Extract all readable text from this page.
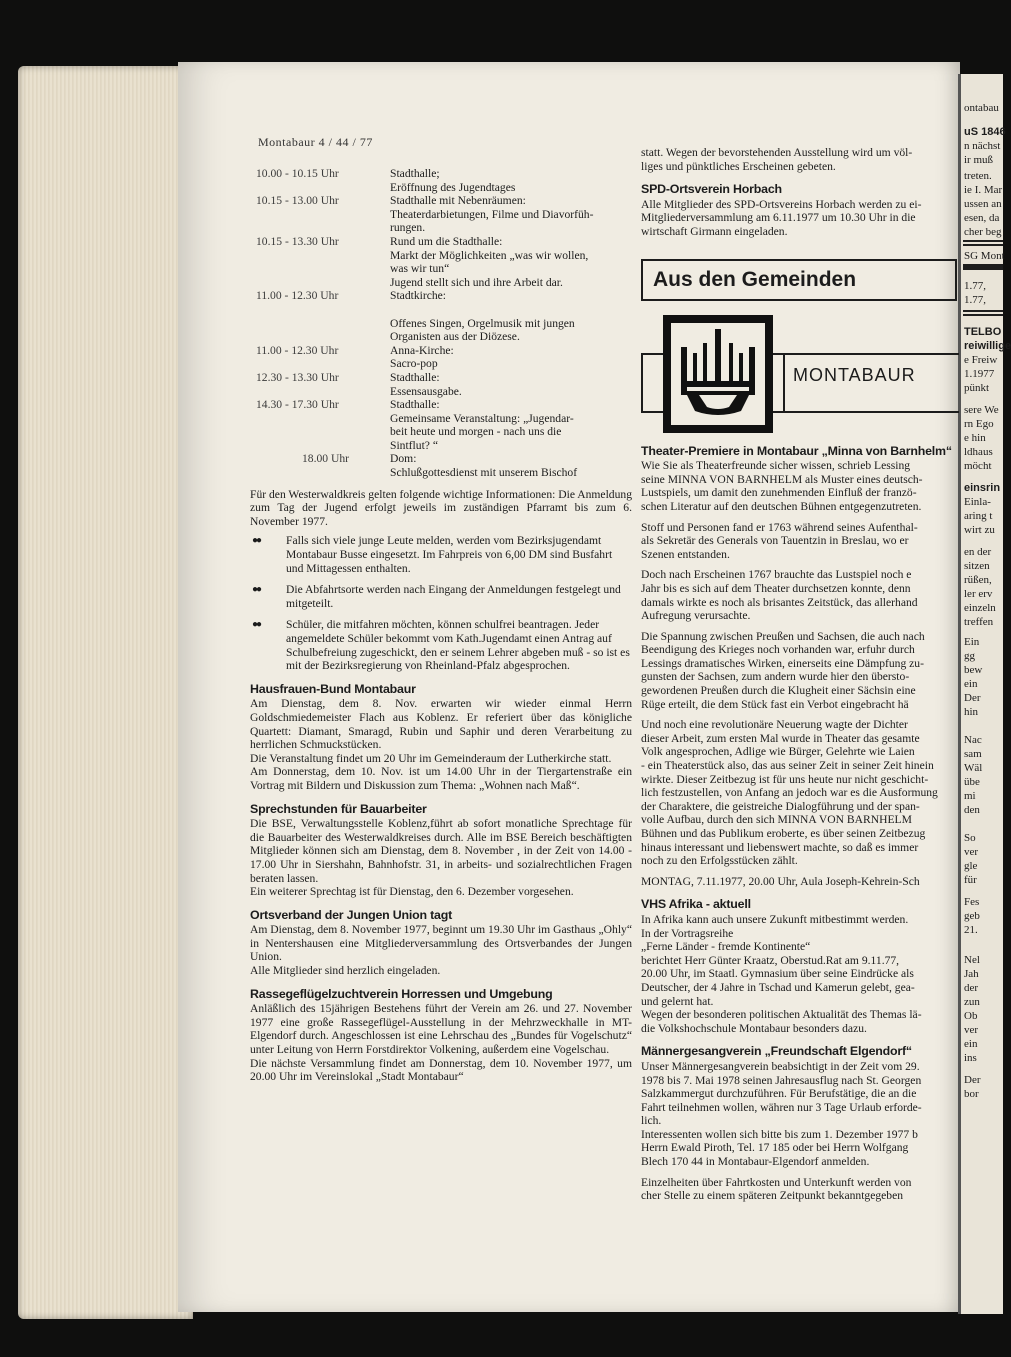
ontabau
uS 1846
n nächst
ir muß
treten.
ie I. Mar
ussen an
esen, da
cher beg
SG Mont
1.77,
1.77,
TELBO
reiwillige
e Freiw
1.1977
pünkt
sere We
rn Ego
e hin
ldhaus
möcht
einsrin
Einla-
aring t
wirt zu
en der
sitzen
rüßen,
ler erv
einzeln
treffen
Ein
gg
bew
ein
Der
hin
Nac
sam
Wäl
übe
mi
den
So
ver
gle
für
Fes
geb
21.
Nel
Jah
der
zun
Ob
ver
ein
ins
Der
bor
Montabaur 4 / 44 / 77
10.00 - 10.15 Uhr	Stadthalle;
Eröffnung des Jugendtages
10.15 - 13.00 Uhr	Stadthalle mit Nebenräumen:
Theaterdarbietungen, Filme und Diavorfüh-
rungen.
10.15 - 13.30 Uhr	Rund um die Stadthalle:
Markt der Möglichkeiten „was wir wollen,
was wir tun“
Jugend stellt sich und ihre Arbeit dar.
11.00 - 12.30 Uhr	Stadtkirche:

Offenes Singen, Orgelmusik mit jungen
Organisten aus der Diözese.
11.00 - 12.30 Uhr	Anna-Kirche:
Sacro-pop
12.30 - 13.30 Uhr	Stadthalle:
Essensausgabe.
14.30 - 17.30 Uhr	Stadthalle:
Gemeinsame Veranstaltung: „Jugendar-
beit heute und morgen - nach uns die
Sintflut? “
18.00 Uhr	Dom:
Schlußgottesdienst mit unserem Bischof

Für den Westerwaldkreis gelten folgende wichtige Informationen: Die Anmeldung zum Tag der Jugend erfolgt jeweils im zuständigen Pfarramt bis zum 6. November 1977.

●●	Falls sich viele junge Leute melden, werden vom Bezirksjugendamt Montabaur Busse eingesetzt. Im Fahrpreis von 6,00 DM sind Busfahrt und Mittagessen enthalten.
●●	Die Abfahrtsorte werden nach Eingang der Anmeldungen festgelegt und mitgeteilt.
●●	Schüler, die mitfahren möchten, können schulfrei beantragen. Jeder angemeldete Schüler bekommt vom Kath.Jugendamt einen Antrag auf Schulbefreiung zugeschickt, den er seinem Lehrer abgeben muß - so ist es mit der Bezirksregierung von Rheinland-Pfalz abgesprochen.
Hausfrauen-Bund Montabaur

Am Dienstag, dem 8. Nov. erwarten wir wieder einmal Herrn Goldschmiedemeister Flach aus Koblenz. Er referiert über das königliche Quartett: Diamant, Smaragd, Rubin und Saphir und deren Verarbeitung zu herrlichen Schmuckstücken.

Die Veranstaltung findet um 20 Uhr im Gemeinderaum der Lutherkirche statt.

Am Donnerstag, dem 10. Nov. ist um 14.00 Uhr in der Tiergartenstraße ein Vortrag mit Bildern und Diskussion zum Thema: „Wohnen nach Maß“.

Sprechstunden für Bauarbeiter

Die BSE, Verwaltungsstelle Koblenz,führt ab sofort monatliche Sprechtage für die Bauarbeiter des Westerwaldkreises durch. Alle im BSE Bereich beschäftigten Mitglieder können sich am Dienstag, dem 8. November , in der Zeit von 14.00 - 17.00 Uhr in Siershahn, Bahnhofstr. 31, in arbeits- und sozialrechtlichen Fragen beraten lassen.

Ein weiterer Sprechtag ist für Dienstag, den 6. Dezember vorgesehen.

Ortsverband der Jungen Union tagt

Am Dienstag, dem 8. November 1977, beginnt um 19.30 Uhr im Gasthaus „Ohly“ in Nentershausen eine Mitgliederversammlung des Ortsverbandes der Jungen Union.

Alle Mitglieder sind herzlich eingeladen.

Rassegeflügelzuchtverein Horressen und Umgebung

Anläßlich des 15jährigen Bestehens führt der Verein am 26. und 27. November 1977 eine große Rassegeflügel-Ausstellung in der Mehrzweckhalle in MT-Elgendorf durch. Angeschlossen ist eine Lehrschau des „Bundes für Vogelschutz“ unter Leitung von Herrn Forstdirektor Volkening, außerdem eine Vogelschau.

Die nächste Versammlung findet am Donnerstag, dem 10. November 1977, um 20.00 Uhr im Vereinslokal „Stadt Montabaur“

statt. Wegen der bevorstehenden Ausstellung wird um völ-
liges und pünktliches Erscheinen gebeten.
SPD-Ortsverein Horbach
Alle Mitglieder des SPD-Ortsvereins Horbach werden zu ei-
Mitgliederversammlung am 6.11.1977 um 10.30 Uhr in die
wirtschaft Girmann eingeladen.
Aus den Gemeinden
MONTABAUR
Theater-Premiere in Montabaur „Minna von Barnhelm“
Wie Sie als Theaterfreunde sicher wissen, schrieb Lessing
seine MINNA VON BARNHELM als Muster eines deutsch-
Lustspiels, um damit den zunehmenden Einfluß der franzö-
schen Literatur auf den deutschen Bühnen entgegenzutreten.
Stoff und Personen fand er 1763 während seines Aufenthal-
als Sekretär des Generals von Tauentzin in Breslau, wo er
Szenen entstanden.
Doch nach Erscheinen 1767 brauchte das Lustspiel noch e
Jahr bis es sich auf dem Theater durchsetzen konnte, denn
damals wirkte es noch als brisantes Zeitstück, das allerhand
Aufregung verursachte.
Die Spannung zwischen Preußen und Sachsen, die auch nach
Beendigung des Krieges noch vorhanden war, erfuhr durch
Lessings dramatisches Wirken, einerseits eine Dämpfung zu-
gunsten der Sachsen, zum andern wurde hier den übersto-
gewordenen Preußen durch die Klugheit einer Sächsin eine
Rüge erteilt, die dem Stück fast ein Verbot eingebracht hä
Und noch eine revolutionäre Neuerung wagte der Dichter
dieser Arbeit, zum ersten Mal wurde in Theater das gesamte
Volk angesprochen, Adlige wie Bürger, Gelehrte wie Laien
- ein Theaterstück also, das aus seiner Zeit in seiner Zeit hinein
wirkte. Dieser Zeitbezug ist für uns heute nur nicht geschicht-
lich festzustellen, von Anfang an jedoch war es die Ausformung
der Charaktere, die geistreiche Dialogführung und der span-
volle Aufbau, durch den sich MINNA VON BARNHELM
Bühnen und das Publikum eroberte, es über seinen Zeitbezug
hinaus interessant und liebenswert machte, so daß es immer
noch zu den Erfolgsstücken zählt.
MONTAG, 7.11.1977, 20.00 Uhr, Aula Joseph-Kehrein-Sch
VHS Afrika - aktuell
In Afrika kann auch unsere Zukunft mitbestimmt werden.
In der Vortragsreihe
„Ferne Länder - fremde Kontinente“
berichtet Herr Günter Kraatz, Oberstud.Rat am 9.11.77,
20.00 Uhr, im Staatl. Gymnasium über seine Eindrücke als
Deutscher, der 4 Jahre in Tschad und Kamerun gelebt, gea-
und gelernt hat.
Wegen der besonderen politischen Aktualität des Themas lä-
die Volkshochschule Montabaur besonders dazu.
Männergesangverein „Freundschaft Elgendorf“
Unser Männergesangverein beabsichtigt in der Zeit vom 29.
1978 bis 7. Mai 1978 seinen Jahresausflug nach St. Georgen
Salzkammergut durchzuführen. Für Berufstätige, die an die
Fahrt teilnehmen wollen, währen nur 3 Tage Urlaub erforde-
lich.
Interessenten wollen sich bitte bis zum 1. Dezember 1977 b
Herrn Ewald Piroth, Tel. 17 185 oder bei Herrn Wolfgang
Blech 170 44 in Montabaur-Elgendorf anmelden.
Einzelheiten über Fahrtkosten und Unterkunft werden von
cher Stelle zu einem späteren Zeitpunkt bekanntgegeben
